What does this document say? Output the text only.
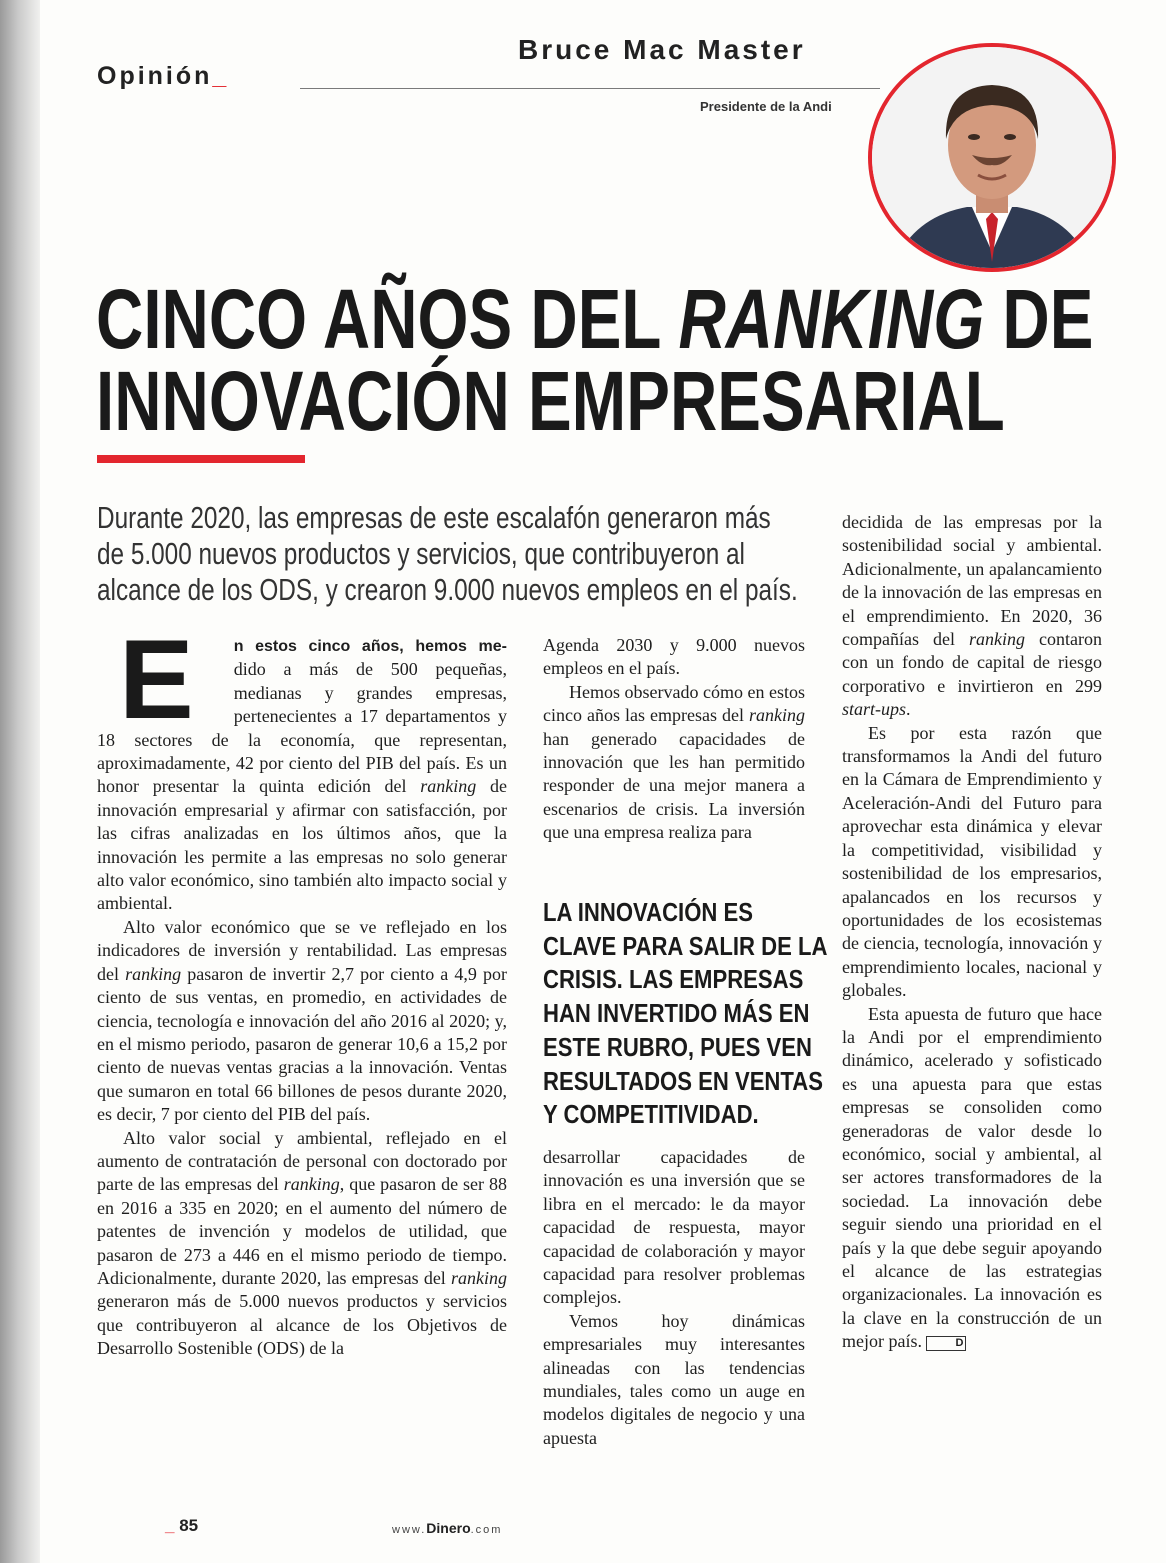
Opinión_
Bruce Mac Master
Presidente de la Andi
CINCO AÑOS DEL RANKING DE
INNOVACIÓN EMPRESARIAL
Durante 2020, las empresas de este escalafón generaron más
de 5.000 nuevos productos y servicios, que contribuyeron al
alcance de los ODS, y crearon 9.000 nuevos empleos en el país.

E	n estos cinco años, hemos me- dido a más de 500 pequeñas, medianas y grandes empresas, pertenecientes a 17 departamentos y 18 sectores de la economía, que representan, aproximadamente, 42 por ciento del PIB del país. Es un honor presentar la quinta edición del ranking de innovación empresarial y afirmar con satisfacción, por las cifras analizadas en los últimos años, que la innovación les permite a las empresas no solo generar alto valor económico, sino también alto impacto social y ambiental.

Alto valor económico que se ve reflejado en los indicadores de inversión y rentabilidad. Las empresas del ranking pasaron de invertir 2,7 por ciento a 4,9 por ciento de sus ventas, en promedio, en actividades de ciencia, tecnología e innovación del año 2016 al 2020; y, en el mismo periodo, pasaron de generar 10,6 a 15,2 por ciento de nuevas ventas gracias a la innovación. Ventas que sumaron en total 66 billones de pesos durante 2020, es decir, 7 por ciento del PIB del país.

Alto valor social y ambiental, reflejado en el aumento de contratación de personal con doctorado por parte de las empresas del ranking, que pasaron de ser 88 en 2016 a 335 en 2020; en el aumento del número de patentes de invención y modelos de utilidad, que pasaron de 273 a 446 en el mismo periodo de tiempo. Adicionalmente, durante 2020, las empresas del ranking generaron más de 5.000 nuevos productos y servicios que contribuyeron al alcance de los Objetivos de Desarrollo Sostenible (ODS) de la

Agenda 2030 y 9.000 nuevos empleos en el país.

Hemos observado cómo en estos cinco años las empresas del ranking han generado capacidades de innovación que les han permitido responder de una mejor manera a escenarios de crisis. La inversión que una empresa realiza para

LA INNOVACIÓN ES
CLAVE PARA SALIR DE LA
CRISIS. LAS EMPRESAS
HAN INVERTIDO MÁS EN
ESTE RUBRO, PUES VEN
RESULTADOS EN VENTAS
Y COMPETITIVIDAD.

desarrollar capacidades de innovación es una inversión que se libra en el mercado: le da mayor capacidad de respuesta, mayor capacidad de colaboración y mayor capacidad para resolver problemas complejos.

Vemos hoy dinámicas empresariales muy interesantes alineadas con las tendencias mundiales, tales como un auge en modelos digitales de negocio y una apuesta

decidida de las empresas por la sostenibilidad social y ambiental. Adicionalmente, un apalancamiento de la innovación de las empresas en el emprendimiento. En 2020, 36 compañías del ranking contaron con un fondo de capital de riesgo corporativo e invirtieron en 299 start-ups.

Es por esta razón que transformamos la Andi del futuro en la Cámara de Emprendimiento y Aceleración-Andi del Futuro para aprovechar esta dinámica y elevar la competitividad, visibilidad y sostenibilidad de los empresarios, apalancados en los recursos y oportunidades de los ecosistemas de ciencia, tecnología, innovación y emprendimiento locales, nacional y globales.

Esta apuesta de futuro que hace la Andi por el emprendimiento dinámico, acelerado y sofisticado es una apuesta para que estas empresas se consoliden como generadoras de valor desde lo económico, social y ambiental, al ser actores transformadores de la sociedad. La innovación debe seguir siendo una prioridad en el país y la que debe seguir apoyando el alcance de las estrategias organizacionales. La innovación es la clave en la construcción de un mejor país.	D

_ 85	www.Dinero.com
